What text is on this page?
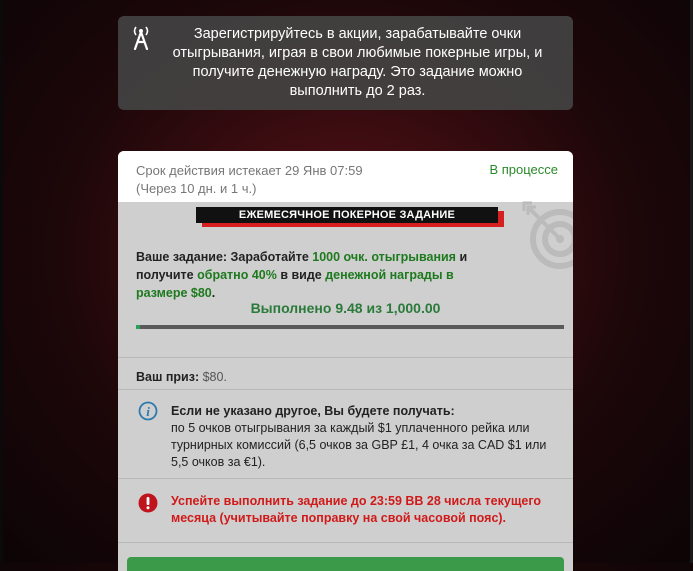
Зарегистрируйтесь в акции, зарабатывайте очки отыгрывания, играя в свои любимые покерные игры, и получите денежную награду. Это задание можно выполнить до 2 раз.
Срок действия истекает 29 Янв 07:59
(Через 10 дн. и 1 ч.)
В процессе
ЕЖЕМЕСЯЧНОЕ ПОКЕРНОЕ ЗАДАНИЕ
Ваше задание: Заработайте 1000 очк. отыгрывания и получите обратно 40% в виде денежной награды в размере $80.
Выполнено 9.48 из 1,000.00
Ваш приз: $80.
i Если не указано другое, Вы будете получать:
по 5 очков отыгрывания за каждый $1 уплаченного рейка или турнирных комиссий (6,5 очков за GBP £1, 4 очка за CAD $1 или 5,5 очков за €1).
Успейте выполнить задание до 23:59 ВВ 28 числа текущего месяца (учитывайте поправку на свой часовой пояс).
